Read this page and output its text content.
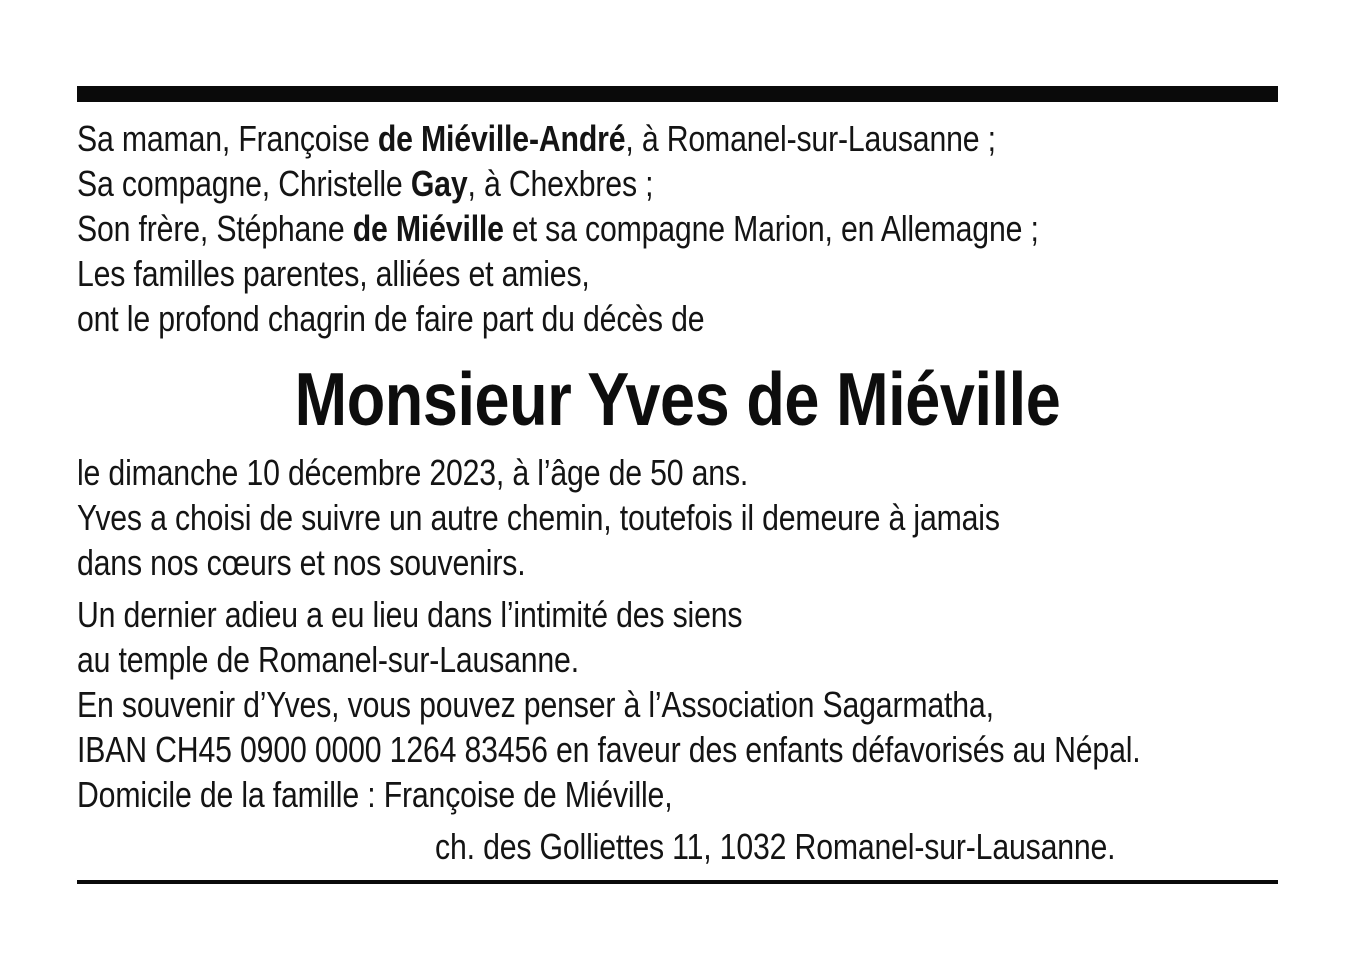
Sa maman, Françoise de Miéville-André, à Romanel-sur-Lausanne ;
Sa compagne, Christelle Gay, à Chexbres ;
Son frère, Stéphane de Miéville et sa compagne Marion, en Allemagne ;
Les familles parentes, alliées et amies,
ont le profond chagrin de faire part du décès de
Monsieur Yves de Miéville
le dimanche 10 décembre 2023, à l’âge de 50 ans.
Yves a choisi de suivre un autre chemin, toutefois il demeure à jamais
dans nos cœurs et nos souvenirs.
Un dernier adieu a eu lieu dans l’intimité des siens
au temple de Romanel-sur-Lausanne.
En souvenir d’Yves, vous pouvez penser à l’Association Sagarmatha,
IBAN CH45 0900 0000 1264 83456 en faveur des enfants défavorisés au Népal.
Domicile de la famille : Françoise de Miéville,
ch. des Golliettes 11, 1032 Romanel-sur-Lausanne.
